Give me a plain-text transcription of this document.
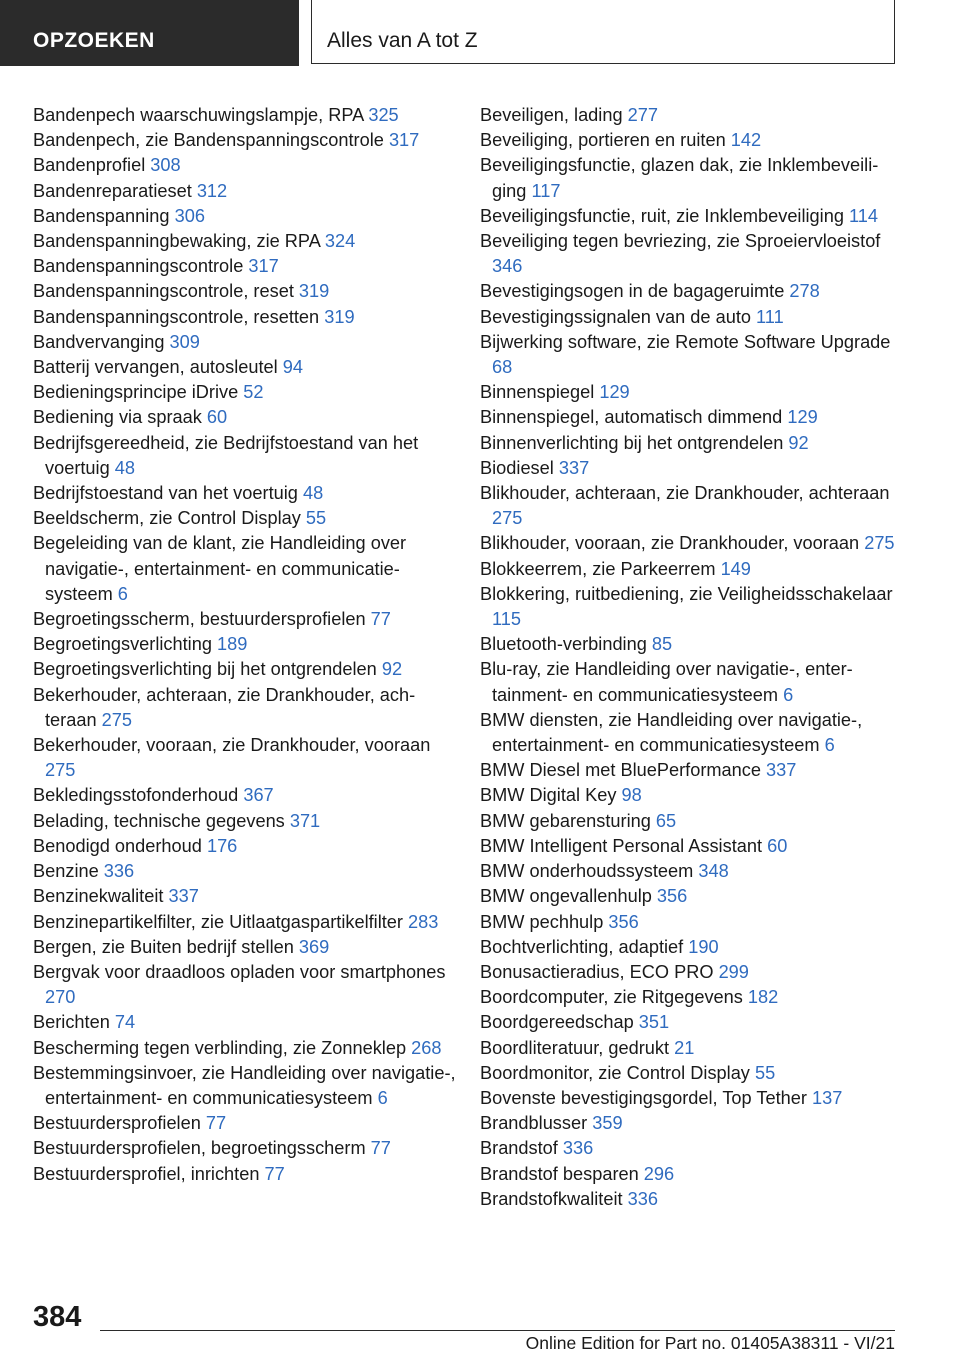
OPZOEKEN	Alles van A tot Z
Bandenpech waarschuwingslampje, RPA 325
Bandenpech, zie Bandenspanningscontrole 317
Bandenprofiel 308
Bandenreparatieset 312
Bandenspanning 306
Bandenspanningbewaking, zie RPA 324
Bandenspanningscontrole 317
Bandenspanningscontrole, reset 319
Bandenspanningscontrole, resetten 319
Bandvervanging 309
Batterij vervangen, autosleutel 94
Bedieningsprincipe iDrive 52
Bediening via spraak 60
Bedrijfsgereedheid, zie Bedrijfstoestand van het voertuig 48
Bedrijfstoestand van het voertuig 48
Beeldscherm, zie Control Display 55
Begeleiding van de klant, zie Handleiding over navigatie-, entertainment- en communicatiesysteem 6
Begroetingsscherm, bestuurdersprofielen 77
Begroetingsverlichting 189
Begroetingsverlichting bij het ontgrendelen 92
Bekerhouder, achteraan, zie Drankhouder, achteraan 275
Bekerhouder, vooraan, zie Drankhouder, vooraan 275
Bekledingsstofonderhoud 367
Belading, technische gegevens 371
Benodigd onderhoud 176
Benzine 336
Benzinekwaliteit 337
Benzinepartikelfilter, zie Uitlaatgaspartikelfilter 283
Bergen, zie Buiten bedrijf stellen 369
Bergvak voor draadloos opladen voor smartphones 270
Berichten 74
Bescherming tegen verblinding, zie Zonneklep 268
Bestemmingsinvoer, zie Handleiding over navigatie-, entertainment- en communicatiesysteem 6
Bestuurdersprofielen 77
Bestuurdersprofielen, begroetingsscherm 77
Bestuurdersprofiel, inrichten 77
Beveiligen, lading 277
Beveiliging, portieren en ruiten 142
Beveiligingsfunctie, glazen dak, zie Inklembeveiliging 117
Beveiligingsfunctie, ruit, zie Inklembeveiliging 114
Beveiliging tegen bevriezing, zie Sproeiervloeistof 346
Bevestigingsogen in de bagageruimte 278
Bevestigingssignalen van de auto 111
Bijwerking software, zie Remote Software Upgrade 68
Binnenspiegel 129
Binnenspiegel, automatisch dimmend 129
Binnenverlichting bij het ontgrendelen 92
Biodiesel 337
Blikhouder, achteraan, zie Drankhouder, achteraan 275
Blikhouder, vooraan, zie Drankhouder, vooraan 275
Blokkeerrem, zie Parkeerrem 149
Blokkering, ruitbediening, zie Veiligheidsschakelaar 115
Bluetooth-verbinding 85
Blu-ray, zie Handleiding over navigatie-, entertainment- en communicatiesysteem 6
BMW diensten, zie Handleiding over navigatie-, entertainment- en communicatiesysteem 6
BMW Diesel met BluePerformance 337
BMW Digital Key 98
BMW gebarensturing 65
BMW Intelligent Personal Assistant 60
BMW onderhoudssysteem 348
BMW ongevallenhulp 356
BMW pechhulp 356
Bochtverlichting, adaptief 190
Bonusactieradius, ECO PRO 299
Boordcomputer, zie Ritgegevens 182
Boordgereedschap 351
Boordliteratuur, gedrukt 21
Boordmonitor, zie Control Display 55
Bovenste bevestigingsgordel, Top Tether 137
Brandblusser 359
Brandstof 336
Brandstof besparen 296
Brandstofkwaliteit 336
384
Online Edition for Part no. 01405A38311 - VI/21
